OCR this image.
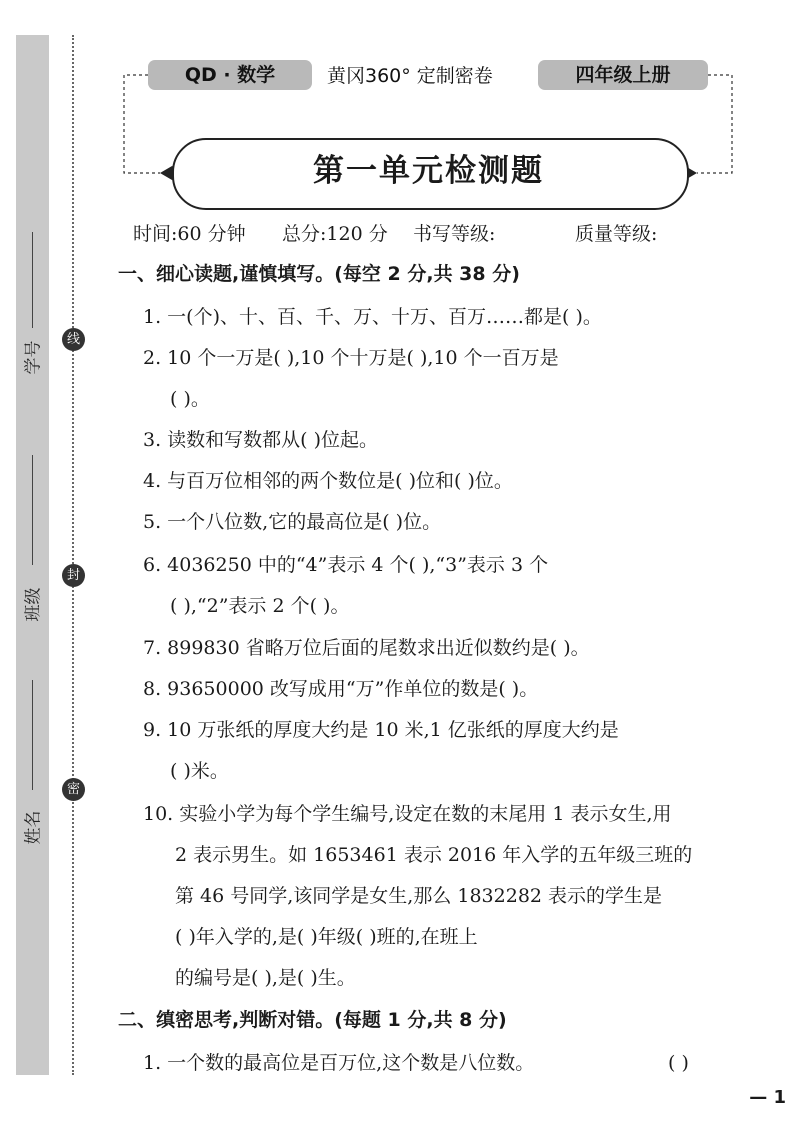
学号
班级
姓名
线
封
密
QD · 数学	黄冈360° 定制密卷	四年级上册
第一单元检测题
时间:60 分钟 总分:120 分 书写等级:	质量等级:
一、细心读题,谨慎填写。(每空 2 分,共 38 分)
1. 一(个)、十、百、千、万、十万、百万……都是( )。
2. 10 个一万是( ),10 个十万是( ),10 个一百万是
( )。
3. 读数和写数都从( )位起。
4. 与百万位相邻的两个数位是( )位和( )位。
5. 一个八位数,它的最高位是( )位。
6. 4036250 中的“4”表示 4 个( ),“3”表示 3 个
( ),“2”表示 2 个( )。
7. 899830 省略万位后面的尾数求出近似数约是( )。
8. 93650000 改写成用“万”作单位的数是( )。
9. 10 万张纸的厚度大约是 10 米,1 亿张纸的厚度大约是
( )米。
10. 实验小学为每个学生编号,设定在数的末尾用 1 表示女生,用
2 表示男生。如 1653461 表示 2016 年入学的五年级三班的
第 46 号同学,该同学是女生,那么 1832282 表示的学生是
( )年入学的,是( )年级( )班的,在班上
的编号是( ),是( )生。
二、缜密思考,判断对错。(每题 1 分,共 8 分)
1. 一个数的最高位是百万位,这个数是八位数。	( )
— 1
